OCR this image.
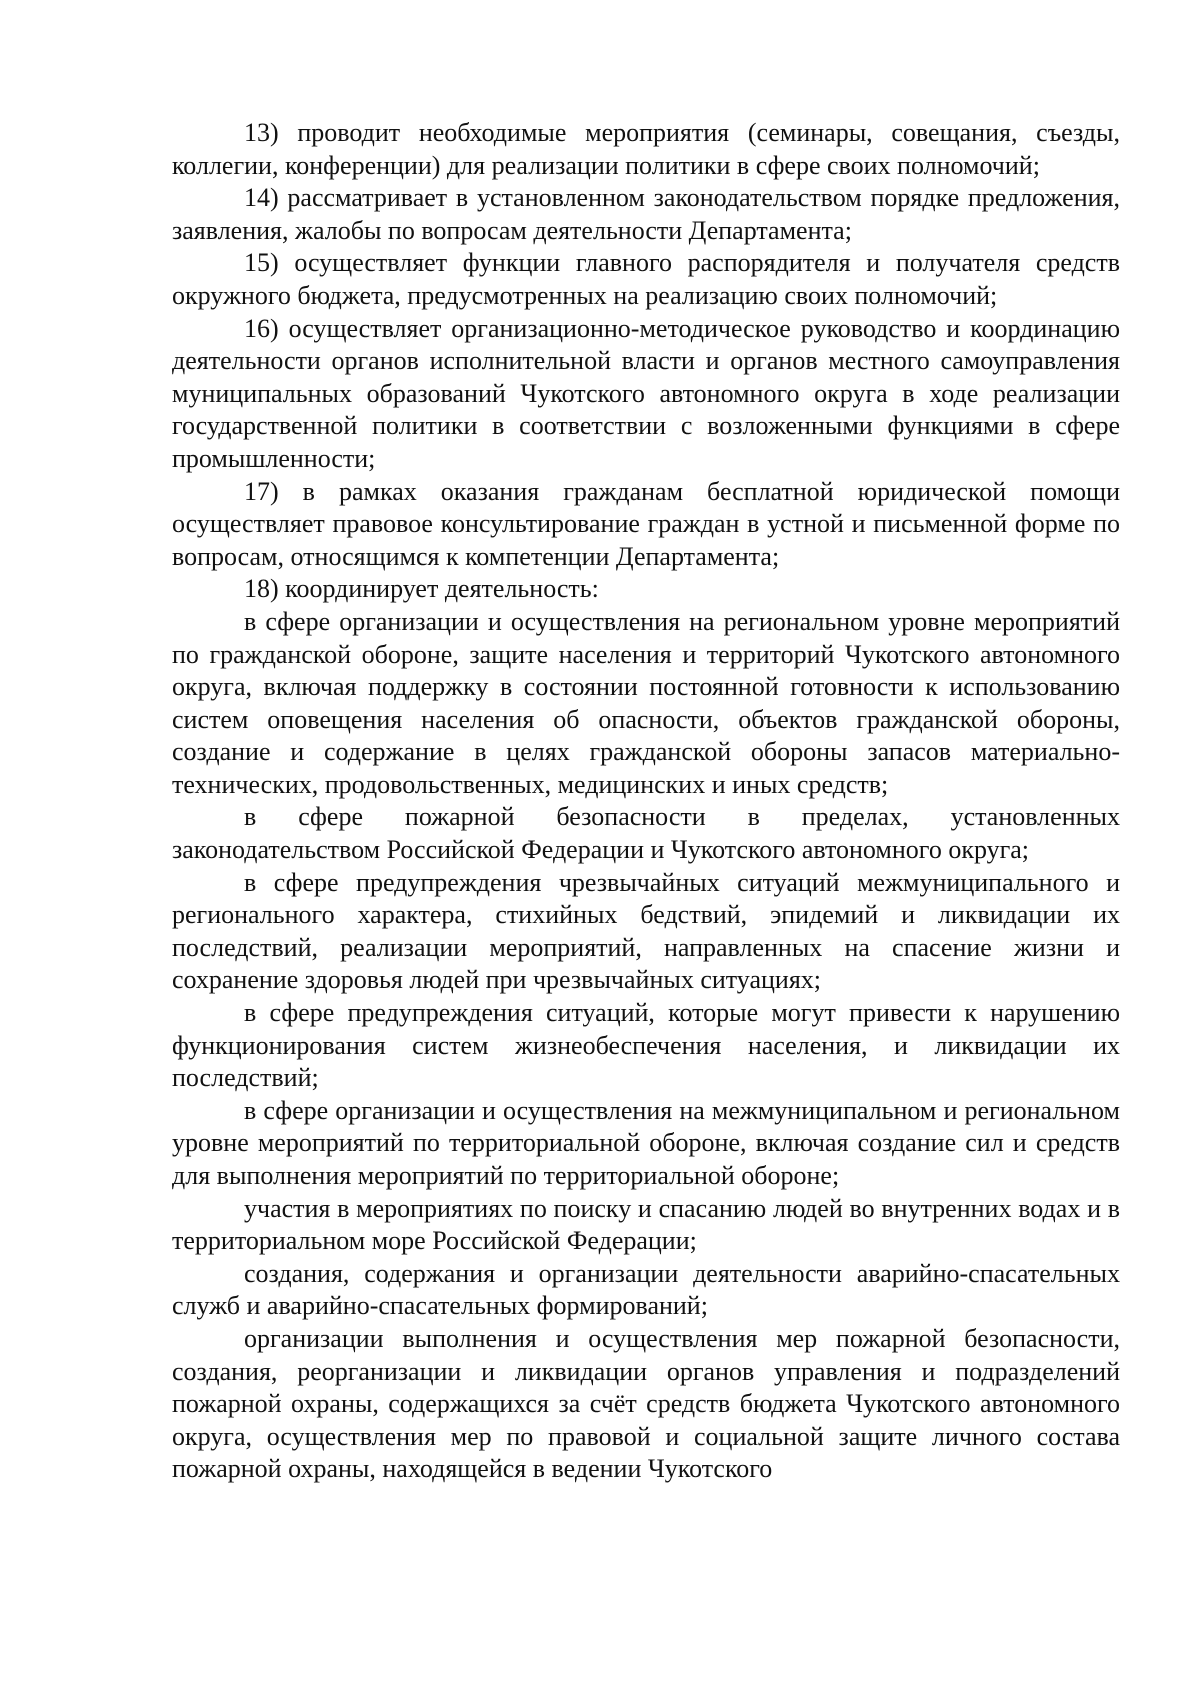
13) проводит необходимые мероприятия (семинары, совещания, съезды, коллегии, конференции) для реализации политики в сфере своих полномочий;

14) рассматривает в установленном законодательством порядке предложения, заявления, жалобы по вопросам деятельности Департамента;

15) осуществляет функции главного распорядителя и получателя средств окружного бюджета, предусмотренных на реализацию своих полномочий;

16) осуществляет организационно-методическое руководство и координацию деятельности органов исполнительной власти и органов местного самоуправления муниципальных образований Чукотского автономного округа в ходе реализации государственной политики в соответствии с возложенными функциями в сфере промышленности;

17) в рамках оказания гражданам бесплатной юридической помощи осуществляет правовое консультирование граждан в устной и письменной форме по вопросам, относящимся к компетенции Департамента;

18) координирует деятельность:

в сфере организации и осуществления на региональном уровне мероприятий по гражданской обороне, защите населения и территорий Чукотского автономного округа, включая поддержку в состоянии постоянной готовности к использованию систем оповещения населения об опасности, объектов гражданской обороны, создание и содержание в целях гражданской обороны запасов материально-технических, продовольственных, медицинских и иных средств;

в сфере пожарной безопасности в пределах, установленных законодательством Российской Федерации и Чукотского автономного округа;

в сфере предупреждения чрезвычайных ситуаций межмуниципального и регионального характера, стихийных бедствий, эпидемий и ликвидации их последствий, реализации мероприятий, направленных на спасение жизни и сохранение здоровья людей при чрезвычайных ситуациях;

в сфере предупреждения ситуаций, которые могут привести к нарушению функционирования систем жизнеобеспечения населения, и ликвидации их последствий;

в сфере организации и осуществления на межмуниципальном и региональном уровне мероприятий по территориальной обороне, включая создание сил и средств для выполнения мероприятий по территориальной обороне;

участия в мероприятиях по поиску и спасанию людей во внутренних водах и в территориальном море Российской Федерации;

создания, содержания и организации деятельности аварийно-спасательных служб и аварийно-спасательных формирований;

организации выполнения и осуществления мер пожарной безопасности, создания, реорганизации и ликвидации органов управления и подразделений пожарной охраны, содержащихся за счёт средств бюджета Чукотского автономного округа, осуществления мер по правовой и социальной защите личного состава пожарной охраны, находящейся в ведении Чукотского
